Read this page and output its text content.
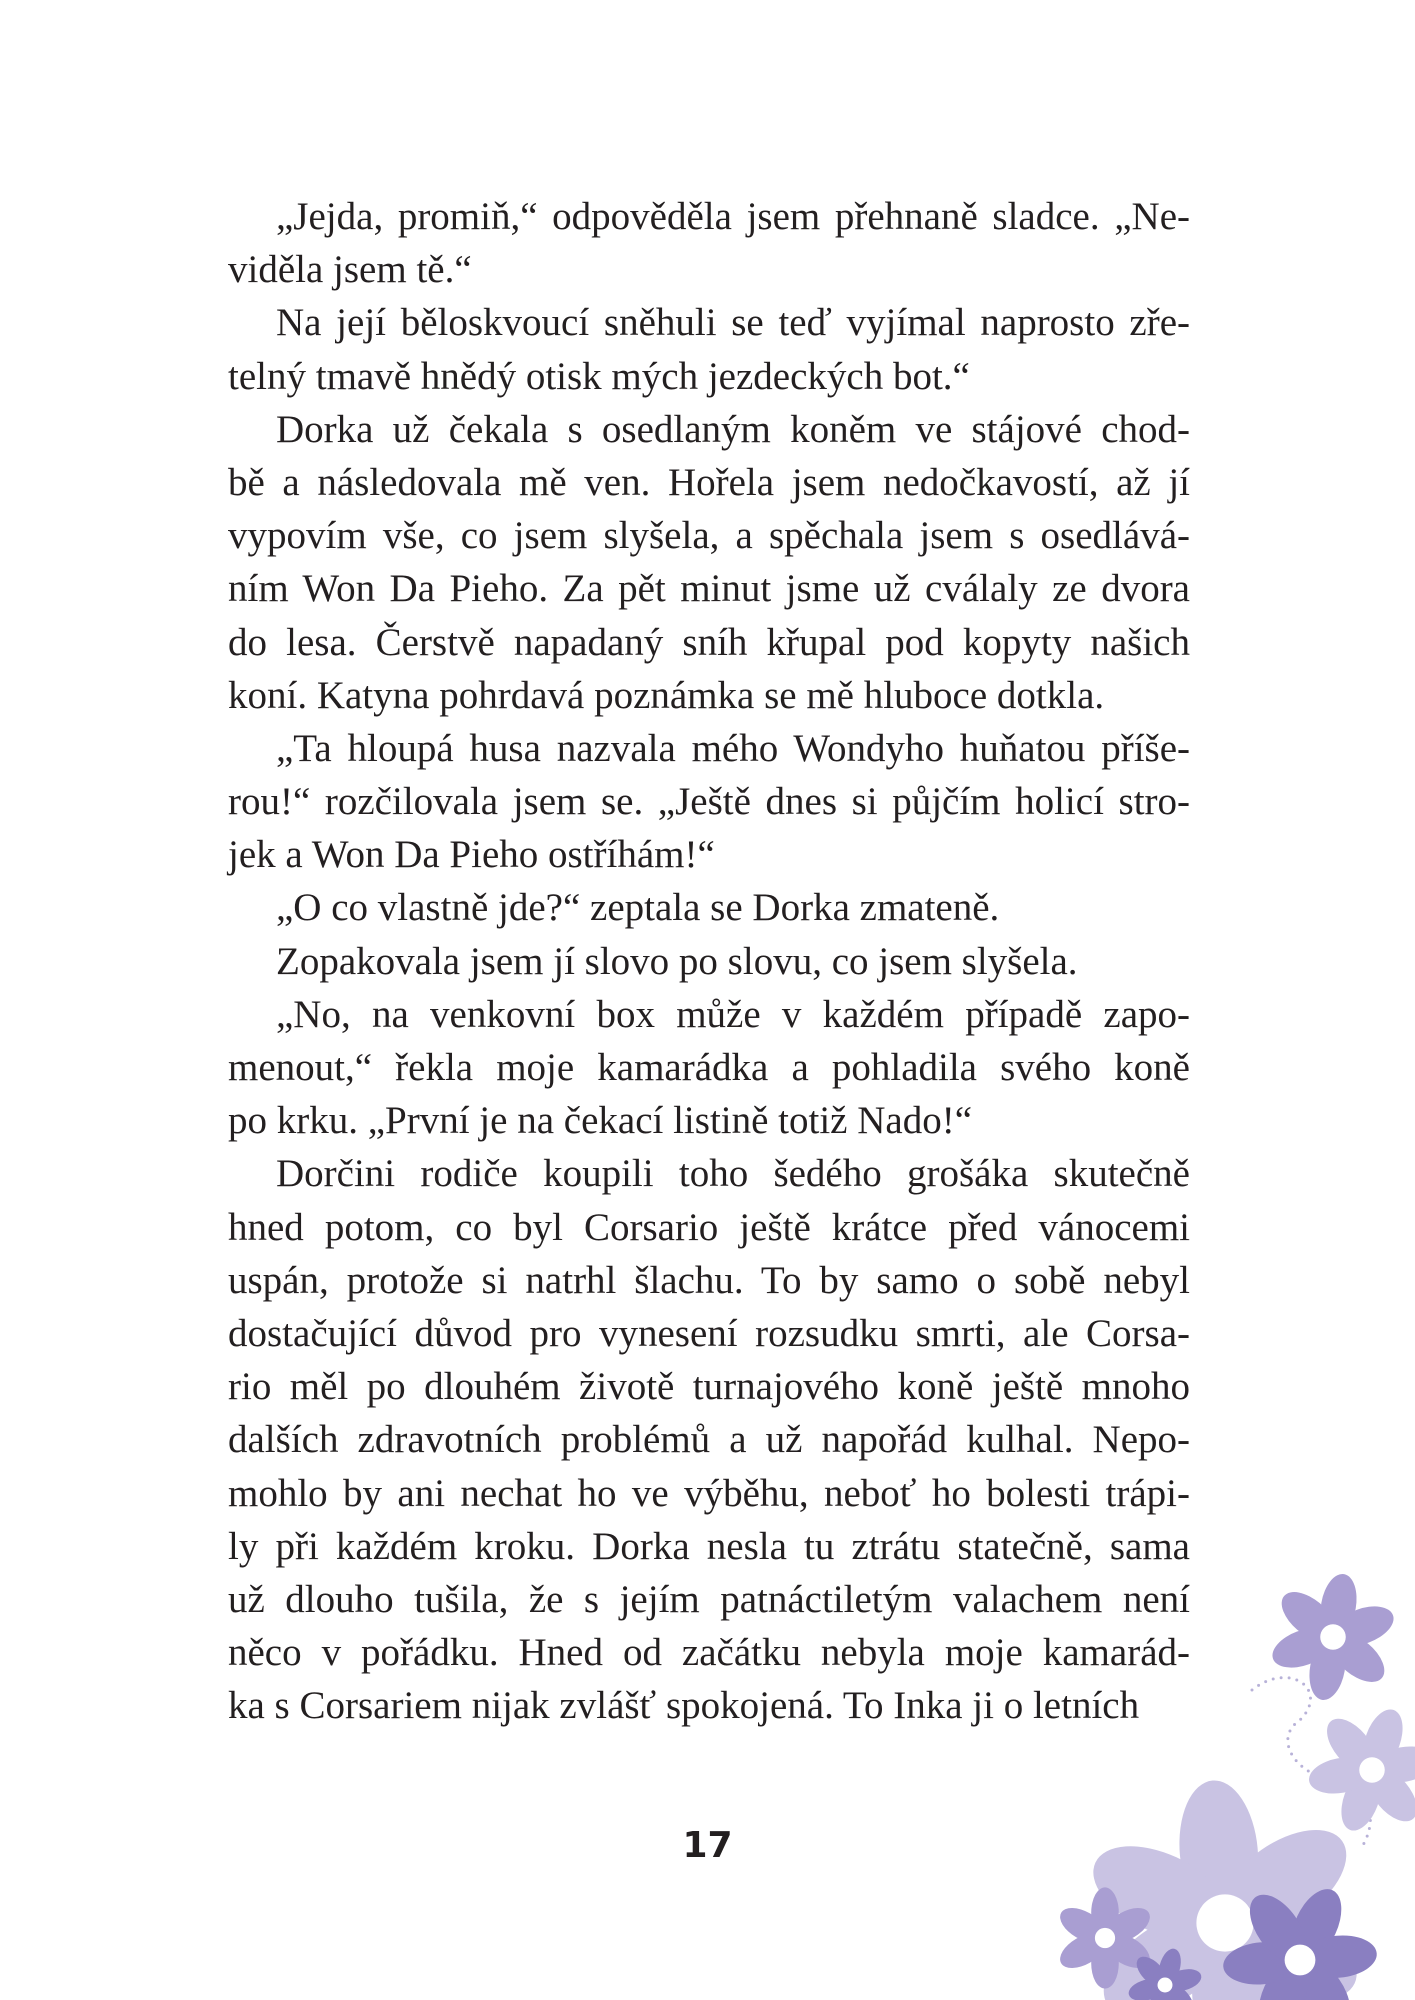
„Jejda, promiň,“ odpověděla jsem přehnaně sladce. „Ne-
viděla jsem tě.“
Na její běloskvoucí sněhuli se teď vyjímal naprosto zře-
telný tmavě hnědý otisk mých jezdeckých bot.“
Dorka už čekala s osedlaným koněm ve stájové chod-
bě a následovala mě ven. Hořela jsem nedočkavostí, až jí
vypovím vše, co jsem slyšela, a spěchala jsem s osedlává-
ním Won Da Pieho. Za pět minut jsme už cválaly ze dvora
do lesa. Čerstvě napadaný sníh křupal pod kopyty našich
koní. Katyna pohrdavá poznámka se mě hluboce dotkla.
„Ta hloupá husa nazvala mého Wondyho huňatou příše-
rou!“ rozčilovala jsem se. „Ještě dnes si půjčím holicí stro-
jek a Won Da Pieho ostříhám!“
„O co vlastně jde?“ zeptala se Dorka zmateně.
Zopakovala jsem jí slovo po slovu, co jsem slyšela.
„No, na venkovní box může v každém případě zapo-
menout,“ řekla moje kamarádka a pohladila svého koně
po krku. „První je na čekací listině totiž Nado!“
Dorčini rodiče koupili toho šedého grošáka skutečně
hned potom, co byl Corsario ještě krátce před vánocemi
uspán, protože si natrhl šlachu. To by samo o sobě nebyl
dostačující důvod pro vynesení rozsudku smrti, ale Corsa-
rio měl po dlouhém životě turnajového koně ještě mnoho
dalších zdravotních problémů a už napořád kulhal. Nepo-
mohlo by ani nechat ho ve výběhu, neboť ho bolesti trápi-
ly při každém kroku. Dorka nesla tu ztrátu statečně, sama
už dlouho tušila, že s jejím patnáctiletým valachem není
něco v pořádku. Hned od začátku nebyla moje kamarád-
ka s Corsariem nijak zvlášť spokojená. To Inka ji o letních
17
